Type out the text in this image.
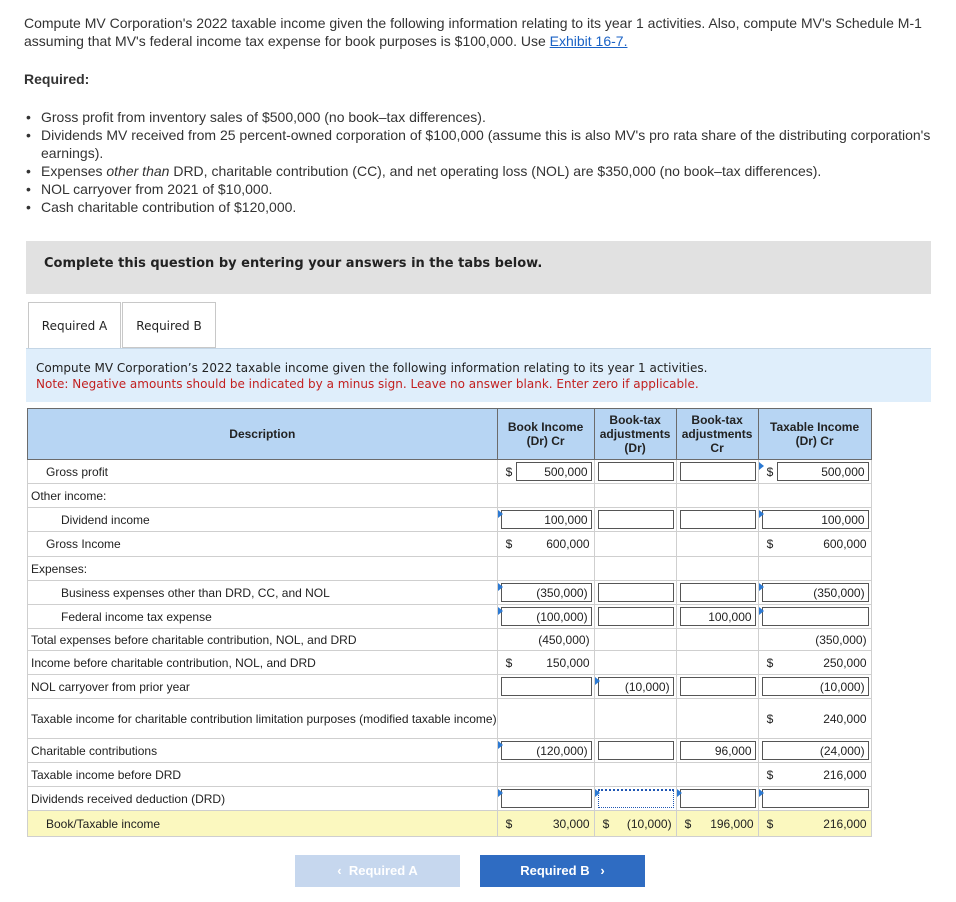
Compute MV Corporation's 2022 taxable income given the following information relating to its year 1 activities. Also, compute MV's Schedule M-1 assuming that MV's federal income tax expense for book purposes is $100,000. Use Exhibit 16-7.
Required:
• Gross profit from inventory sales of $500,000 (no book–tax differences).
• Dividends MV received from 25 percent-owned corporation of $100,000 (assume this is also MV's pro rata share of the distributing corporation's earnings).
• Expenses other than DRD, charitable contribution (CC), and net operating loss (NOL) are $350,000 (no book–tax differences).
• NOL carryover from 2021 of $10,000.
• Cash charitable contribution of $120,000.
Complete this question by entering your answers in the tabs below.
Required A	Required B
Compute MV Corporation’s 2022 taxable income given the following information relating to its year 1 activities.
Note: Negative amounts should be indicated by a minus sign. Leave no answer blank. Enter zero if applicable.
Description	Book Income (Dr) Cr	Book-tax adjustments (Dr)	Book-tax adjustments Cr	Taxable Income (Dr) Cr
Gross profit	$ 500,000			$ 500,000

Other income:				
Dividend income	100,000			100,000

Gross Income	$ 600,000			$ 600,000

Expenses:				
Business expenses other than DRD, CC, and NOL	(350,000)			(350,000)

Federal income tax expense	(100,000)		100,000	

Total expenses before charitable contribution, NOL, and DRD	(450,000)			(350,000)

Income before charitable contribution, NOL, and DRD	$ 150,000			$ 250,000

NOL carryover from prior year		(10,000)		(10,000)

Taxable income for charitable contribution limitation purposes (modified taxable income)				$ 240,000

Charitable contributions	(120,000)		96,000	(24,000)

Taxable income before DRD				$ 216,000

Dividends received deduction (DRD)	

Book/Taxable income	$ 30,000	$ (10,000)	$ 196,000	$ 216,000
‹ Required A	Required B ›
